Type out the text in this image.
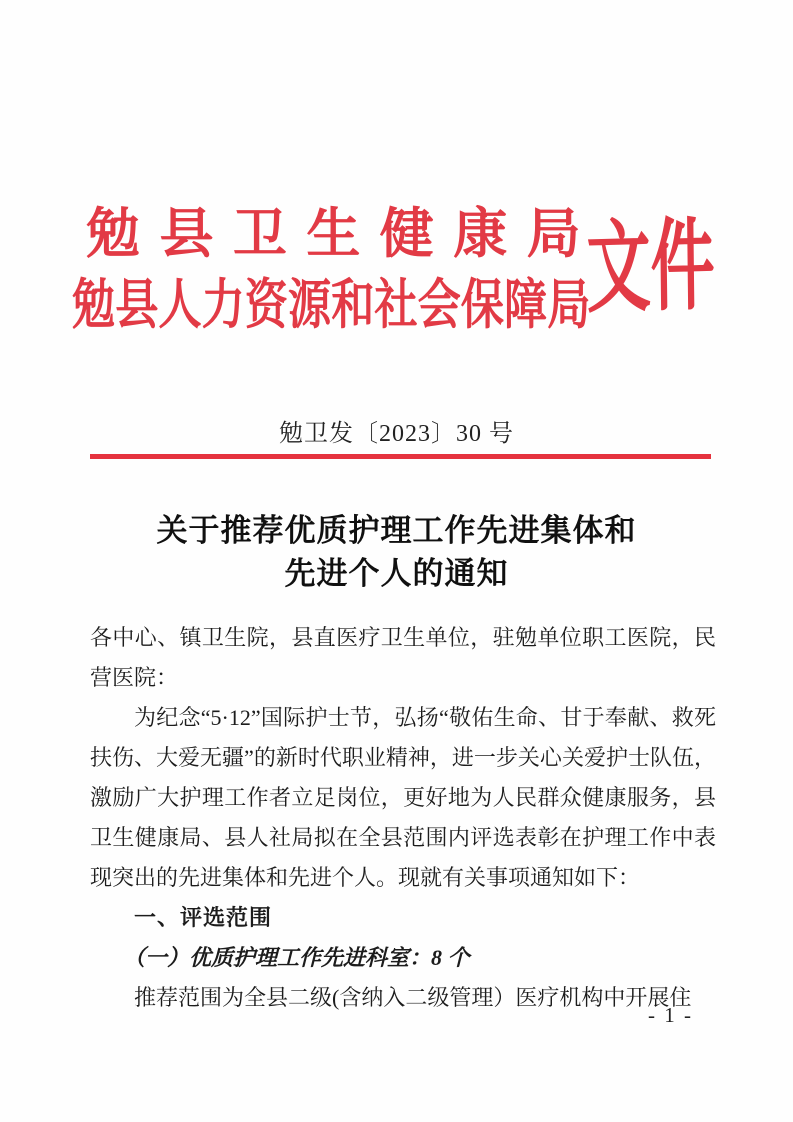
勉县卫生健康局
勉县人力资源和社会保障局
文件
勉卫发〔2023〕30 号
关于推荐优质护理工作先进集体和
先进个人的通知

各中心、镇卫生院，县直医疗卫生单位，驻勉单位职工医院，民营医院：

为纪念“5·12”国际护士节，弘扬“敬佑生命、甘于奉献、救死扶伤、大爱无疆”的新时代职业精神，进一步关心关爱护士队伍，激励广大护理工作者立足岗位，更好地为人民群众健康服务，县卫生健康局、县人社局拟在全县范围内评选表彰在护理工作中表现突出的先进集体和先进个人。现就有关事项通知如下：

一、评选范围

（一）优质护理工作先进科室：8 个

推荐范围为全县二级(含纳入二级管理）医疗机构中开展住

- 1 -
